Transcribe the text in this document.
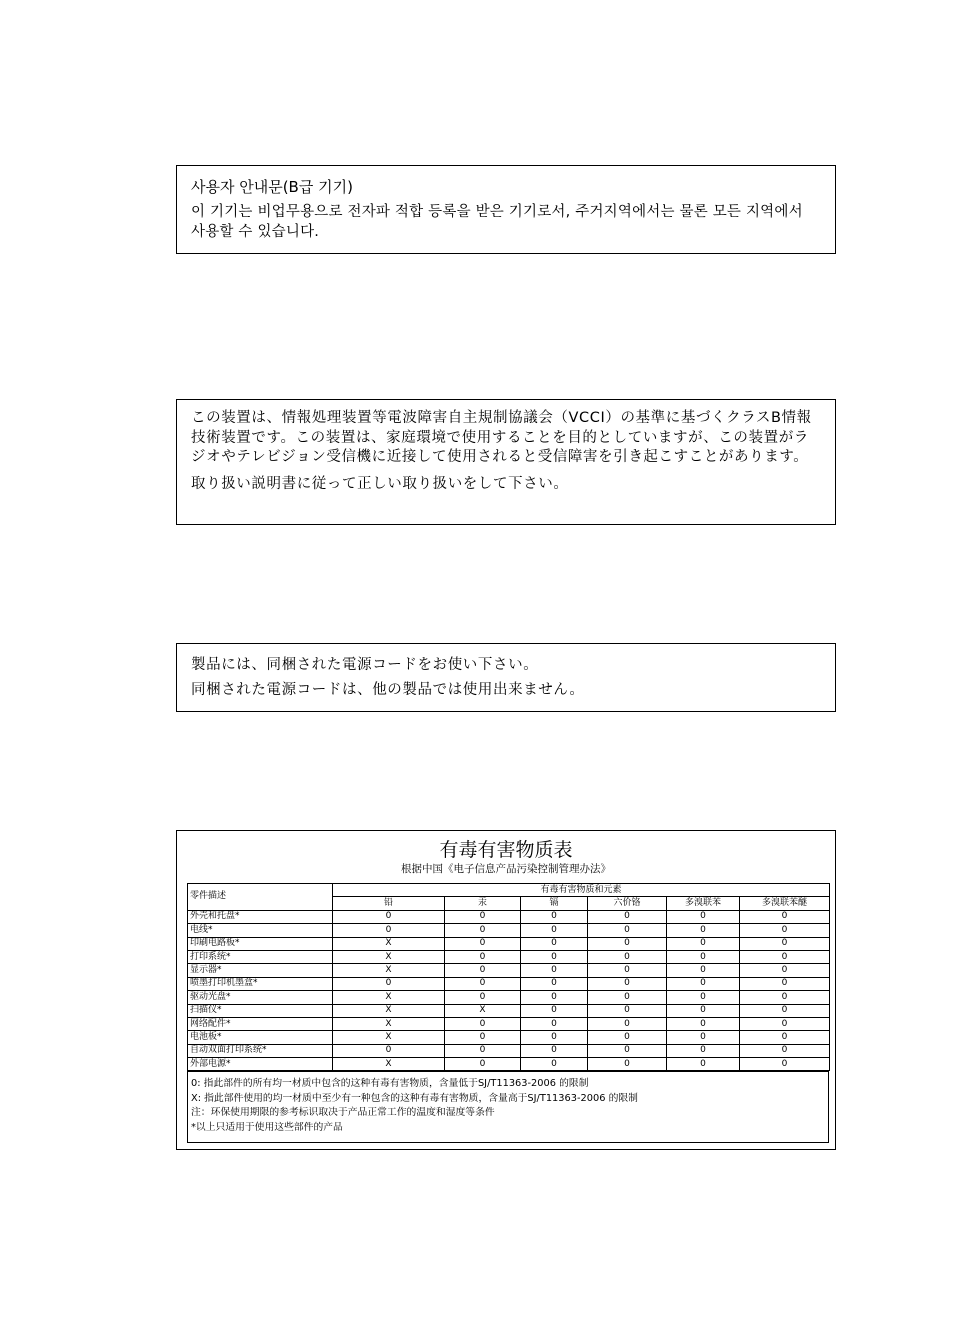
사용자 안내문(B급 기기)
이 기기는 비업무용으로 전자파 적합 등록을 받은 기기로서, 주거지역에서는 물론 모든 지역에서 사용할 수 있습니다.
この装置は、情報処理装置等電波障害自主規制協議会（VCCI）の基準に基づくクラスB情報技術装置です。この装置は、家庭環境で使用することを目的としていますが、この装置がラジオやテレビジョン受信機に近接して使用されると受信障害を引き起こすことがあります。
取り扱い説明書に従って正しい取り扱いをして下さい。
製品には、同梱された電源コードをお使い下さい。
同梱された電源コードは、他の製品では使用出来ません。
有毒有害物质表
根据中国《电子信息产品污染控制管理办法》
零件描述	有毒有害物质和元素					
	铅	汞	镉	六价铬	多溴联苯	多溴联苯醚
外壳和托盘*	0	0	0	0	0	0
电线*	0	0	0	0	0	0
印刷电路板*	X	0	0	0	0	0
打印系统*	X	0	0	0	0	0
显示器*	X	0	0	0	0	0
喷墨打印机墨盒*	0	0	0	0	0	0
驱动光盘*	X	0	0	0	0	0
扫描仪*	X	X	0	0	0	0
网络配件*	X	0	0	0	0	0
电池板*	X	0	0	0	0	0
自动双面打印系统*	0	0	0	0	0	0
外部电源*	X	0	0	0	0	0
0: 指此部件的所有均一材质中包含的这种有毒有害物质，含量低于SJ/T11363-2006 的限制
X: 指此部件使用的均一材质中至少有一种包含的这种有毒有害物质，含量高于SJ/T11363-2006 的限制
注：环保使用期限的参考标识取决于产品正常工作的温度和湿度等条件
*以上只适用于使用这些部件的产品
